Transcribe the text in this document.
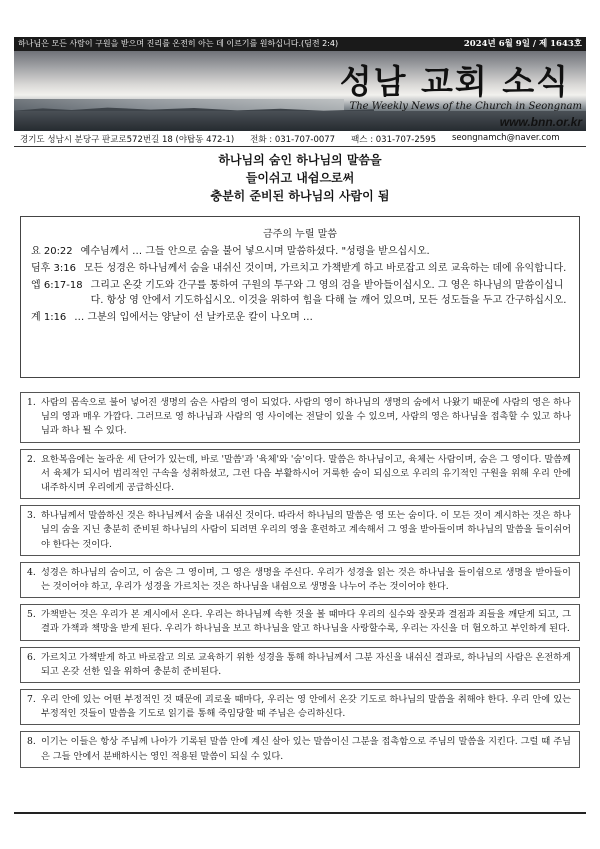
하나님은 모든 사람이 구원을 받으며 진리를 온전히 아는 데 이르기를 원하십니다.(딤전 2:4)	2024년 6월 9일 / 제 1643호
성남 교회 소식
The Weekly News of the Church in Seongnam
www.bnn.or.kr
경기도 성남시 분당구 판교로572번길 18 (야탑동 472-1) 전화 : 031-707-0077 팩스 : 031-707-2595 seongnamch@naver.com
하나님의 숨인 하나님의 말씀을
들이쉬고 내쉼으로써
충분히 준비된 하나님의 사람이 됨
금주의 누릴 말씀
요 20:22 예수님께서 … 그들 안으로 숨을 불어 넣으시며 말씀하셨다. "성령을 받으십시오.
딤후 3:16 모든 성경은 하나님께서 숨을 내쉬신 것이며, 가르치고 가책받게 하고 바로잡고 의로 교육하는 데에 유익합니다.
엡 6:17-18 그리고 온갖 기도와 간구를 통하여 구원의 투구와 그 영의 검을 받아들이십시오. 그 영은 하나님의 말씀이십니다. 항상 영 안에서 기도하십시오. 이것을 위하여 힘을 다해 늘 깨어 있으며, 모든 성도들을 두고 간구하십시오.
계 1:16 … 그분의 입에서는 양날이 선 날카로운 칼이 나오며 …
1. 사람의 몸속으로 불어 넣어진 생명의 숨은 사람의 영이 되었다. 사람의 영이 하나님의 생명의 숨에서 나왔기 때문에 사람의 영은 하나님의 영과 매우 가깝다. 그러므로 영 하나님과 사람의 영 사이에는 전달이 있을 수 있으며, 사람의 영은 하나님을 접촉할 수 있고 하나님과 하나 될 수 있다.
2. 요한복음에는 놀라운 세 단어가 있는데, 바로 '말씀'과 '육체'와 '숨'이다. 말씀은 하나님이고, 육체는 사람이며, 숨은 그 영이다. 말씀께서 육체가 되시어 법리적인 구속을 성취하셨고, 그런 다음 부활하시어 거룩한 숨이 되심으로 우리의 유기적인 구원을 위해 우리 안에 내주하시며 우리에게 공급하신다.
3. 하나님께서 말씀하신 것은 하나님께서 숨을 내쉬신 것이다. 따라서 하나님의 말씀은 영 또는 숨이다. 이 모든 것이 계시하는 것은 하나님의 숨을 지닌 충분히 준비된 하나님의 사람이 되려면 우리의 영을 훈련하고 계속해서 그 영을 받아들이며 하나님의 말씀을 들이쉬어야 한다는 것이다.
4. 성경은 하나님의 숨이고, 이 숨은 그 영이며, 그 영은 생명을 주신다. 우리가 성경을 읽는 것은 하나님을 들이쉼으로 생명을 받아들이는 것이어야 하고, 우리가 성경을 가르치는 것은 하나님을 내쉼으로 생명을 나누어 주는 것이어야 한다.
5. 가책받는 것은 우리가 본 계시에서 온다. 우리는 하나님께 속한 것을 볼 때마다 우리의 실수와 잘못과 결점과 죄들을 깨닫게 되고, 그 결과 가책과 책망을 받게 된다. 우리가 하나님을 보고 하나님을 알고 하나님을 사랑할수록, 우리는 자신을 더 혐오하고 부인하게 된다.
6. 가르치고 가책받게 하고 바로잡고 의로 교육하기 위한 성경을 통해 하나님께서 그분 자신을 내쉬신 결과로, 하나님의 사람은 온전하게 되고 온갖 선한 일을 위하여 충분히 준비된다.
7. 우리 안에 있는 어떤 부정적인 것 때문에 괴로울 때마다, 우리는 영 안에서 온갖 기도로 하나님의 말씀을 취해야 한다. 우리 안에 있는 부정적인 것들이 말씀을 기도로 읽기를 통해 죽임당할 때 주님은 승리하신다.
8. 이기는 이들은 항상 주님께 나아가 기록된 말씀 안에 계신 살아 있는 말씀이신 그분을 접촉함으로 주님의 말씀을 지킨다. 그럴 때 주님은 그들 안에서 분배하시는 영인 적용된 말씀이 되실 수 있다.
